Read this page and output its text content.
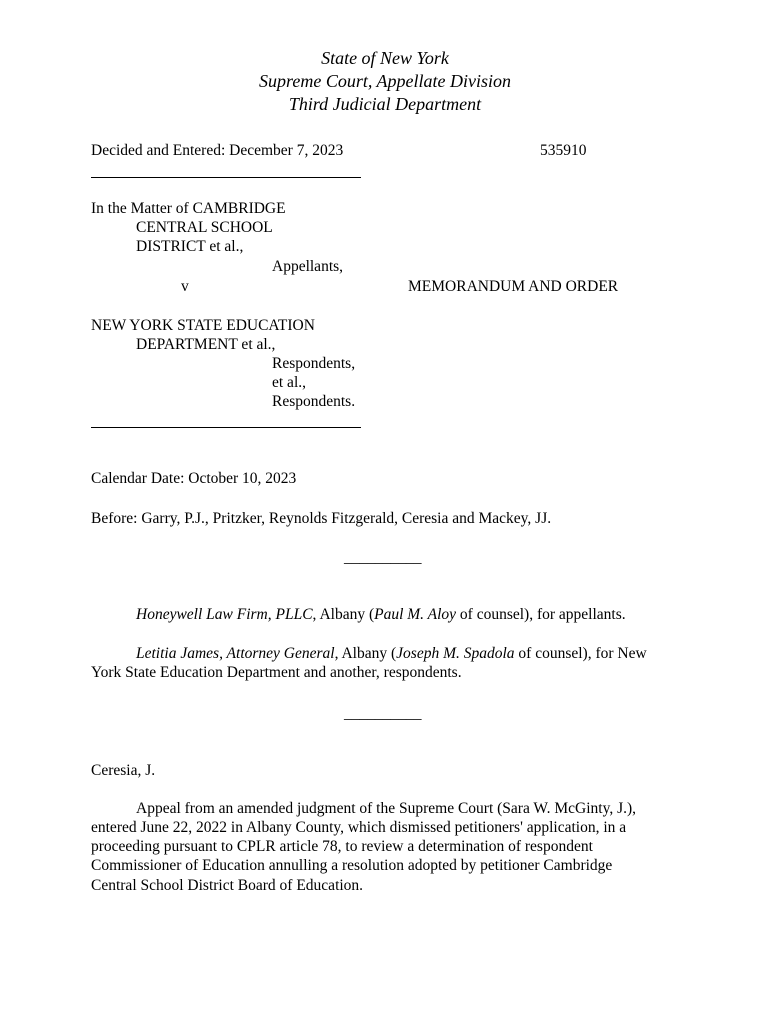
State of New York
Supreme Court, Appellate Division
Third Judicial Department
Decided and Entered: December 7, 2023	535910
In the Matter of CAMBRIDGE
CENTRAL SCHOOL
DISTRICT et al.,
Appellants,
v	MEMORANDUM AND ORDER
NEW YORK STATE EDUCATION
DEPARTMENT et al.,
Respondents,
et al.,
Respondents.
Calendar Date: October 10, 2023
Before: Garry, P.J., Pritzker, Reynolds Fitzgerald, Ceresia and Mackey, JJ.
__________
Honeywell Law Firm, PLLC, Albany (Paul M. Aloy of counsel), for appellants.
Letitia James, Attorney General, Albany (Joseph M. Spadola of counsel), for New
York State Education Department and another, respondents.
__________
Ceresia, J.
Appeal from an amended judgment of the Supreme Court (Sara W. McGinty, J.),
entered June 22, 2022 in Albany County, which dismissed petitioners' application, in a
proceeding pursuant to CPLR article 78, to review a determination of respondent
Commissioner of Education annulling a resolution adopted by petitioner Cambridge
Central School District Board of Education.
